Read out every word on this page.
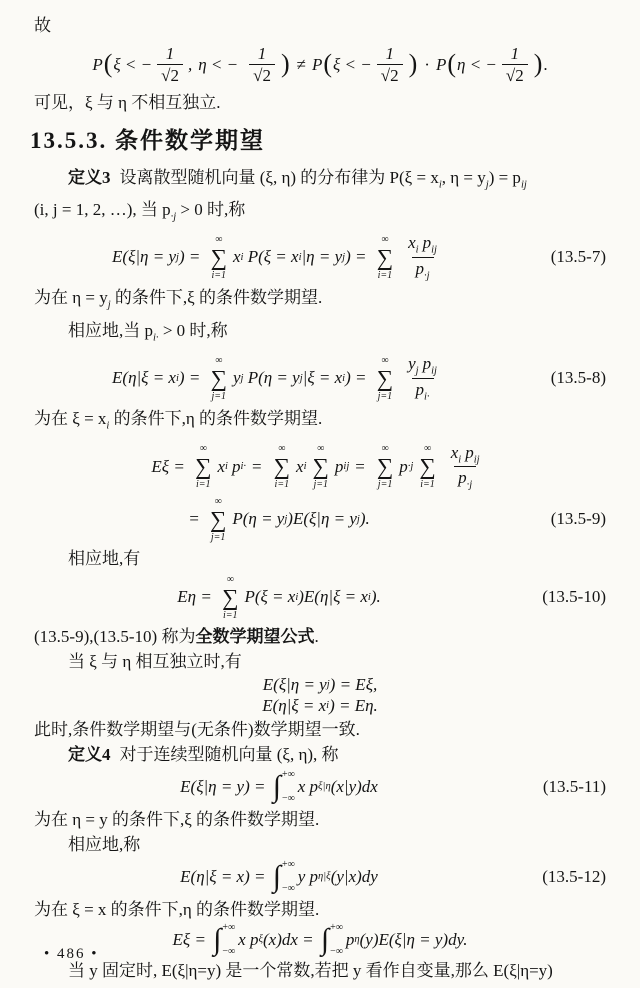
故
P ( ξ < − $\frac{1}{√2}$ , η < − $\frac{1}{√2}$ ) ≠ P ( ξ < − $\frac{1}{√2}$ ) · P ( η < − $\frac{1}{√2}$ ) .
可见，ξ 与 η 不相互独立.
13.5.3. 条件数学期望
定义3 设离散型随机向量 (ξ, η) 的分布律为 $P(\xi = x_i$, $\eta = y_j) = p_{ij}$
(i, j = 1, 2, …), 当 $p_{\cdot j} > 0$ 时,称
E(ξ|η = y j ) =
∞
∑
i=1
x i P(ξ = x i |η = y j ) =
∞
∑
$i=1 \frac{x_i p_{ij}}{p_{\cdot j}}$	(13.5-7)
为在 $\eta = y_j$ 的条件下,ξ 的条件数学期望.
相应地,当 $p_{i\cdot} > 0$ 时,称
E(η|ξ = x i ) =
∞
∑
j=1
y j P(η = y j |ξ = x i ) =
∞
∑
$j=1 \frac{y_j p_{ij}}{p_{i\cdot}}$	(13.5-8)
为在 $\xi = x_i$ 的条件下,η 的条件数学期望.
Eξ =
∞
∑
i=1
x i p i· =
∞
∑
i=1
x i
∞
∑
j=1
p ij =
∞
∑
j=1
p ·j
∞
∑
$i=1 \frac{x_i p_{ij}}{p_{\cdot j}}$
=
∞
∑
j=1
P(η = y j )E(ξ|η = y j ).	(13.5-9)
相应地,有
Eη =
∞
∑
i=1
P(ξ = x i )E(η|ξ = x i ).	(13.5-10)
(13.5-9),(13.5-10) 称为全数学期望公式.
当 ξ 与 η 相互独立时,有
E(ξ|η = y j ) = Eξ,
E(η|ξ = x i ) = Eη.
此时,条件数学期望与(无条件)数学期望一致.
定义4 对于连续型随机向量 (ξ, η), 称
E(ξ|η = y) = ∫ +∞
−∞
x p ξ|η (x|y)dx	(13.5-11)
为在 η = y 的条件下,ξ 的条件数学期望.
相应地,称
E(η|ξ = x) = ∫ +∞
−∞
y p η|ξ (y|x)dy	(13.5-12)
为在 ξ = x 的条件下,η 的条件数学期望.
Eξ = ∫ +∞
−∞
x p ξ (x)dx = ∫ +∞
−∞
p η (y)E(ξ|η = y)dy.
当 y 固定时, E(ξ|η=y) 是一个常数,若把 y 看作自变量,那么 E(ξ|η=y)
• 486 •
